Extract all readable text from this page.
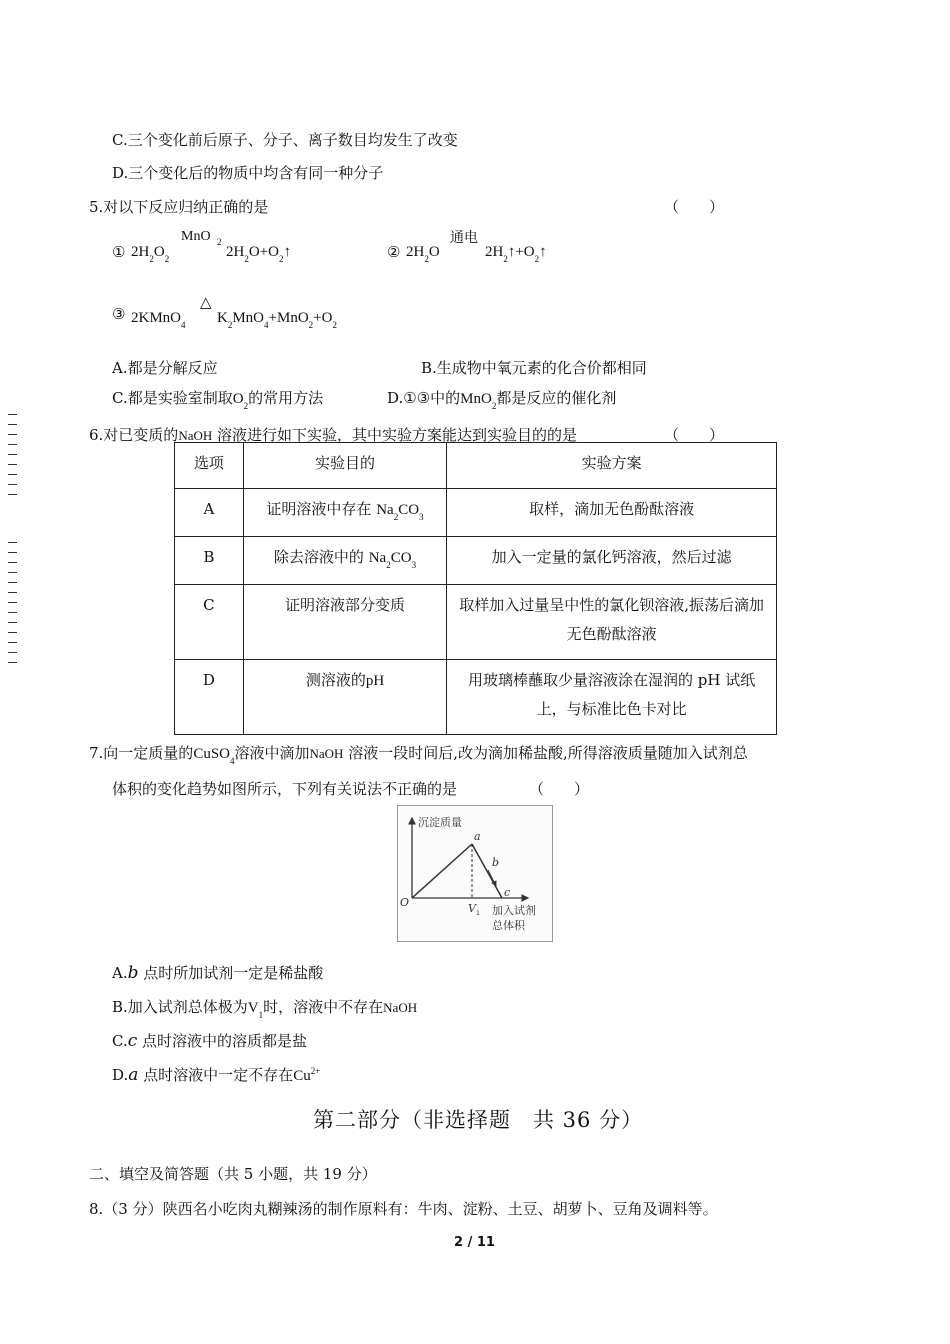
C.三个变化前后原子、分子、离子数目均发生了改变
D.三个变化后的物质中均含有同一种分子
5.对以下反应归纳正确的是	（　　）
① $2H_2O_2$
MnO 2
$2H_2O+O_2↑$	② $2H_2O$
通电
$2H_2↑+O_2↑$
③ 2KMnO$_4$
△
$K_2MnO_4+MnO_2+O_2$
A.都是分解反应	B.生成物中氧元素的化合价都相同
C.都是实验室制取$O_2$的常用方法	D.①③中的MnO$_2$都是反应的催化剂
6.对已变质的NaOH 溶液进行如下实验，其中实验方案能达到实验目的的是	（　　）
选项	实验目的	实验方案
A	证明溶液中存在 $Na_2CO_3$	取样，滴加无色酚酞溶液
B	除去溶液中的 $Na_2CO_3$	加入一定量的氯化钙溶液，然后过滤
C	证明溶液部分变质	取样加入过量呈中性的氯化钡溶液,振荡后滴加无色酚酞溶液
D	测溶液的pH	用玻璃棒蘸取少量溶液涂在湿润的 pH 试纸上，与标准比色卡对比
7.向一定质量的CuSO$_4$溶液中滴加NaOH 溶液一段时间后,改为滴加稀盐酸,所得溶液质量随加入试剂总
体积的变化趋势如图所示，下列有关说法不正确的是	（　　）
沉淀质量
O
a
b
c
V 1 加入试剂
总体积
A.b 点时所加试剂一定是稀盐酸
B.加入试剂总体极为$V_1$时，溶液中不存在NaOH
C.c 点时溶液中的溶质都是盐
D.a 点时溶液中一定不存在$Cu^{2+}$
第二部分（非选择题　共 36 分）
二、填空及简答题（共 5 小题，共 19 分）
8.（3 分）陕西名小吃肉丸糊辣汤的制作原料有：牛肉、淀粉、土豆、胡萝卜、豆角及调料等。
2 / 11
